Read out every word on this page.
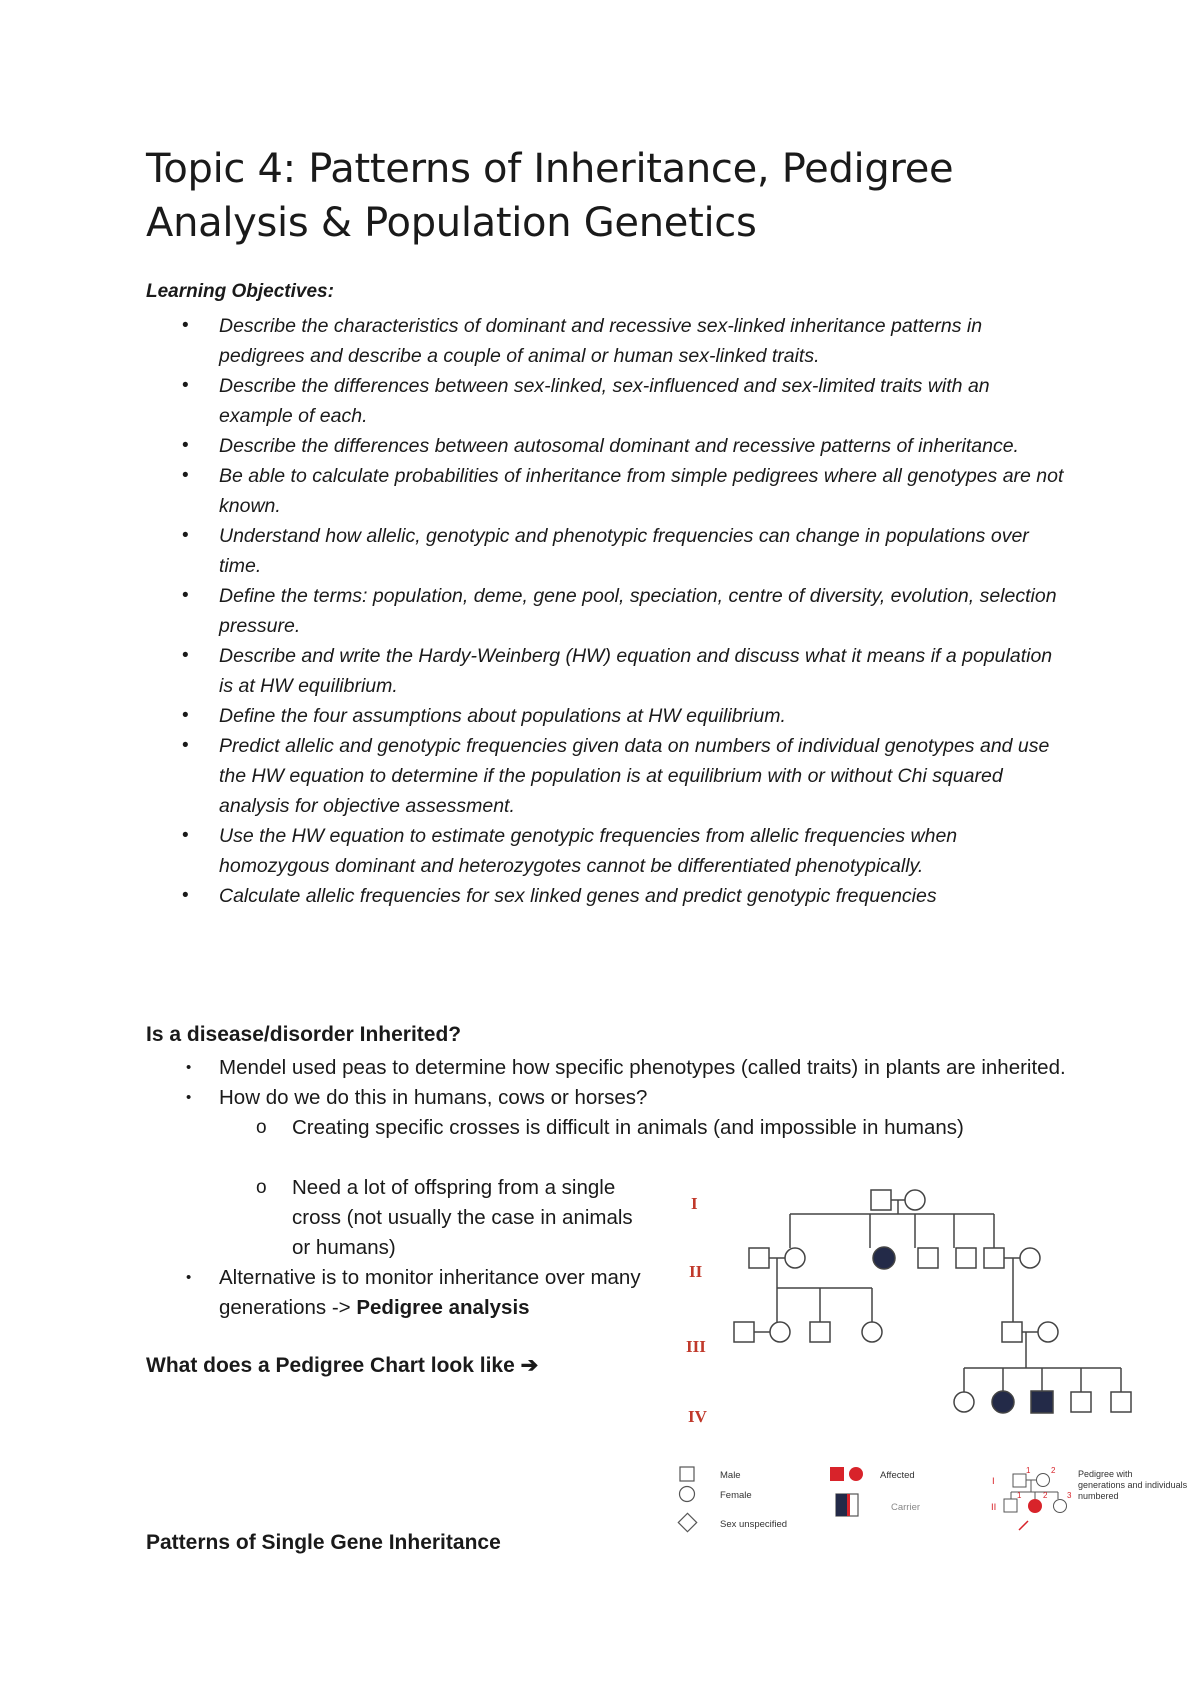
Topic 4: Patterns of Inheritance, Pedigree Analysis & Population Genetics
Learning Objectives:
• Describe the characteristics of dominant and recessive sex-linked inheritance patterns in pedigrees and describe a couple of animal or human sex-linked traits.
• Describe the differences between sex-linked, sex-influenced and sex-limited traits with an example of each.
• Describe the differences between autosomal dominant and recessive patterns of inheritance.
• Be able to calculate probabilities of inheritance from simple pedigrees where all genotypes are not known.
• Understand how allelic, genotypic and phenotypic frequencies can change in populations over time.
• Define the terms: population, deme, gene pool, speciation, centre of diversity, evolution, selection pressure.
• Describe and write the Hardy-Weinberg (HW) equation and discuss what it means if a population is at HW equilibrium.
• Define the four assumptions about populations at HW equilibrium.
• Predict allelic and genotypic frequencies given data on numbers of individual genotypes and use the HW equation to determine if the population is at equilibrium with or without Chi squared analysis for objective assessment.
• Use the HW equation to estimate genotypic frequencies from allelic frequencies when homozygous dominant and heterozygotes cannot be differentiated phenotypically.
• Calculate allelic frequencies for sex linked genes and predict genotypic frequencies
Is a disease/disorder Inherited?
• Mendel used peas to determine how specific phenotypes (called traits) in plants are inherited.
• How do we do this in humans, cows or horses?
o Creating specific crosses is difficult in animals (and impossible in humans)
o Need a lot of offspring from a single cross (not usually the case in animals or humans)
• Alternative is to monitor inheritance over many generations -> Pedigree analysis
What does a Pedigree Chart look like ➔
Patterns of Single Gene Inheritance
I
II
III
IV
Male
Female
Sex unspecified
Affected
Carrier
I
1	2
II
1	2 3
Pedigree with generations and individuals numbered
